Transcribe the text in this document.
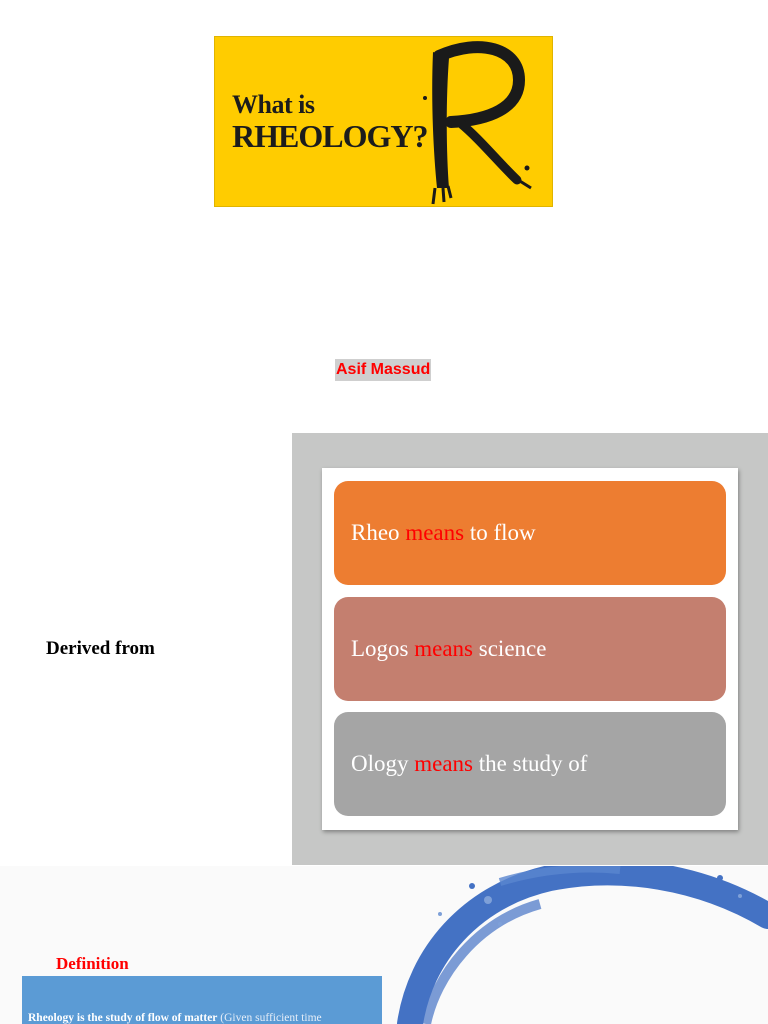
What is
RHEOLOGY?
Asif Massud
Derived from
Rheo
means
to flow
Logos
means
science
Ology
means
the study of
Definition
Rheology is the study of flow of matter (Given sufficient time
